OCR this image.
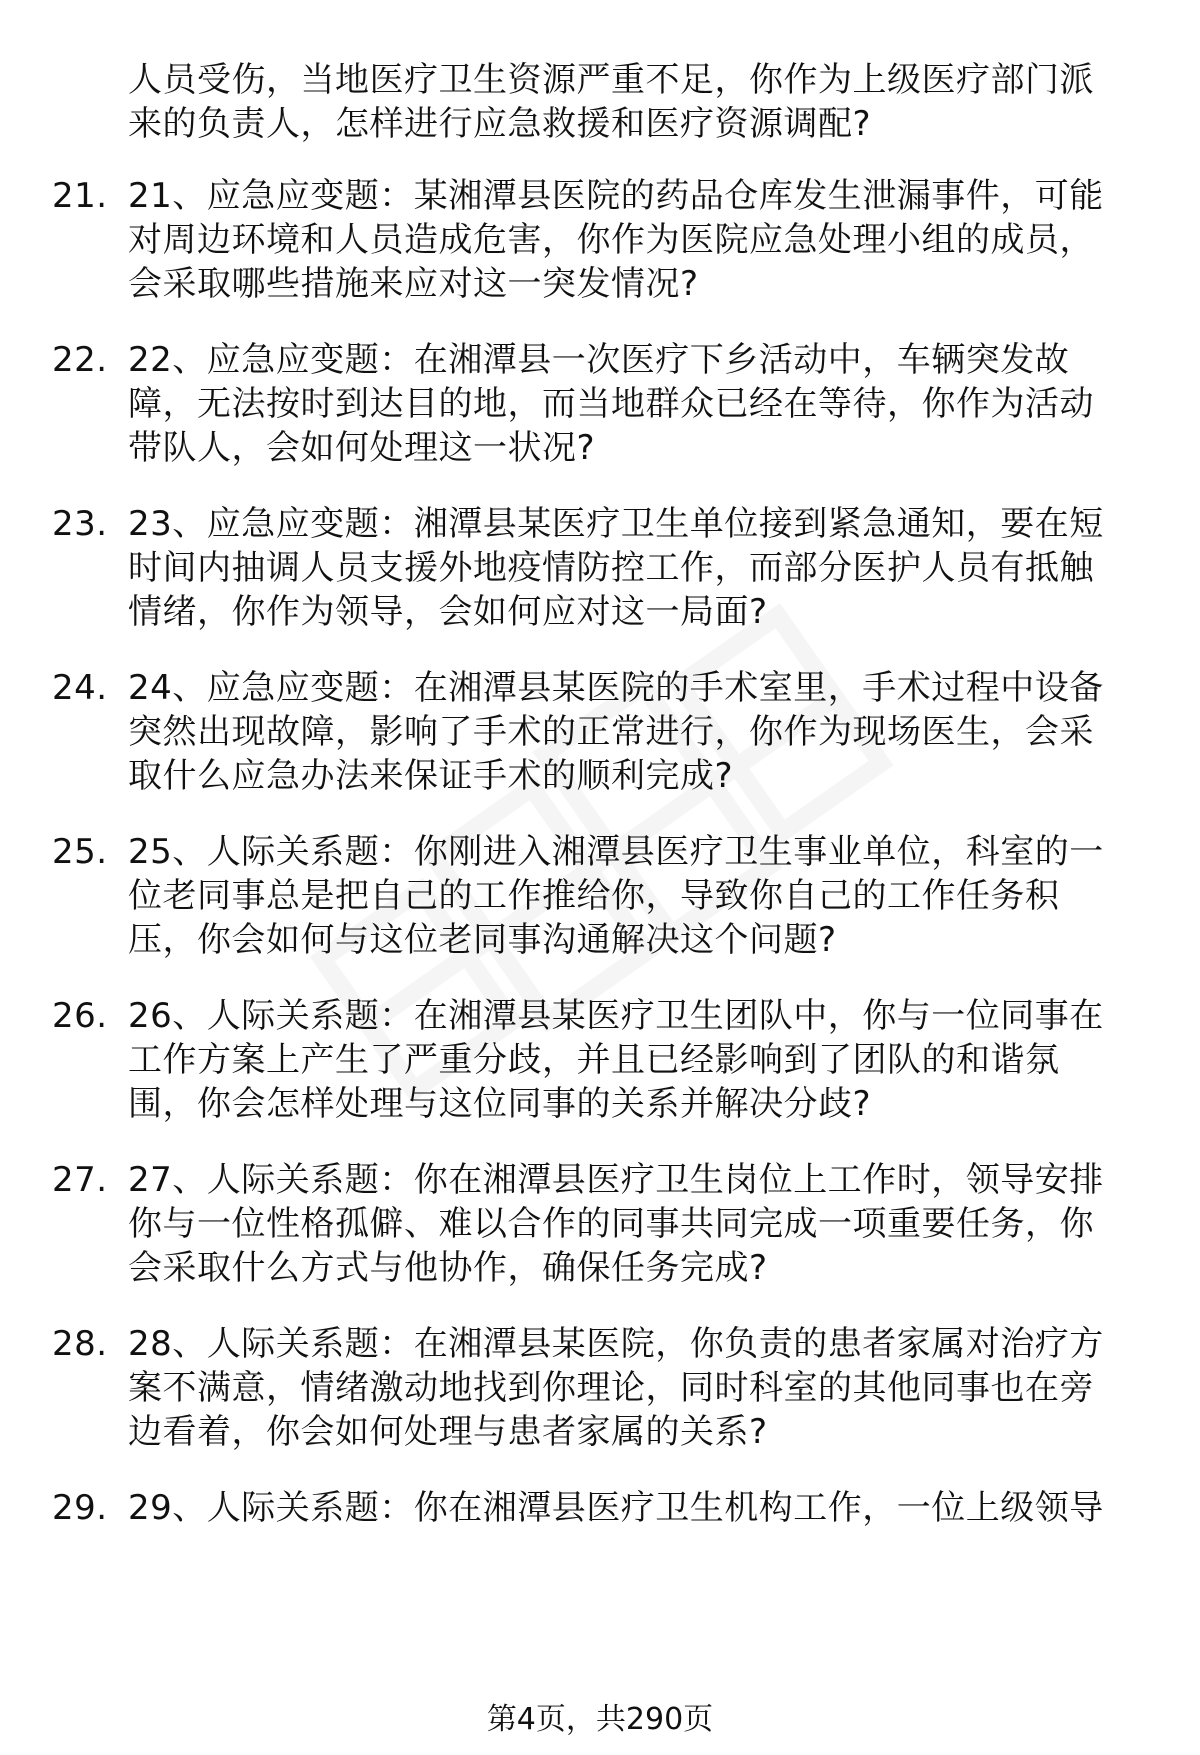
人员受伤，当地医疗卫生资源严重不足，你作为上级医疗部门派

来的负责人，怎样进行应急救援和医疗资源调配?

21. 21、应急应变题：某湘潭县医院的药品仓库发生泄漏事件，可能

对周边环境和人员造成危害，你作为医院应急处理小组的成员，

会采取哪些措施来应对这一突发情况?

22. 22、应急应变题：在湘潭县一次医疗下乡活动中，车辆突发故

障，无法按时到达目的地，而当地群众已经在等待，你作为活动

带队人，会如何处理这一状况?

23. 23、应急应变题：湘潭县某医疗卫生单位接到紧急通知，要在短

时间内抽调人员支援外地疫情防控工作，而部分医护人员有抵触

情绪，你作为领导，会如何应对这一局面?

24. 24、应急应变题：在湘潭县某医院的手术室里，手术过程中设备

突然出现故障，影响了手术的正常进行，你作为现场医生，会采

取什么应急办法来保证手术的顺利完成?

25. 25、人际关系题：你刚进入湘潭县医疗卫生事业单位，科室的一

位老同事总是把自己的工作推给你，导致你自己的工作任务积

压，你会如何与这位老同事沟通解决这个问题?

26. 26、人际关系题：在湘潭县某医疗卫生团队中，你与一位同事在

工作方案上产生了严重分歧，并且已经影响到了团队的和谐氛

围，你会怎样处理与这位同事的关系并解决分歧?

27. 27、人际关系题：你在湘潭县医疗卫生岗位上工作时，领导安排

你与一位性格孤僻、难以合作的同事共同完成一项重要任务，你

会采取什么方式与他协作，确保任务完成?

28. 28、人际关系题：在湘潭县某医院，你负责的患者家属对治疗方

案不满意，情绪激动地找到你理论，同时科室的其他同事也在旁

边看着，你会如何处理与患者家属的关系?

29. 29、人际关系题：你在湘潭县医疗卫生机构工作，一位上级领导

第4页，共290页
